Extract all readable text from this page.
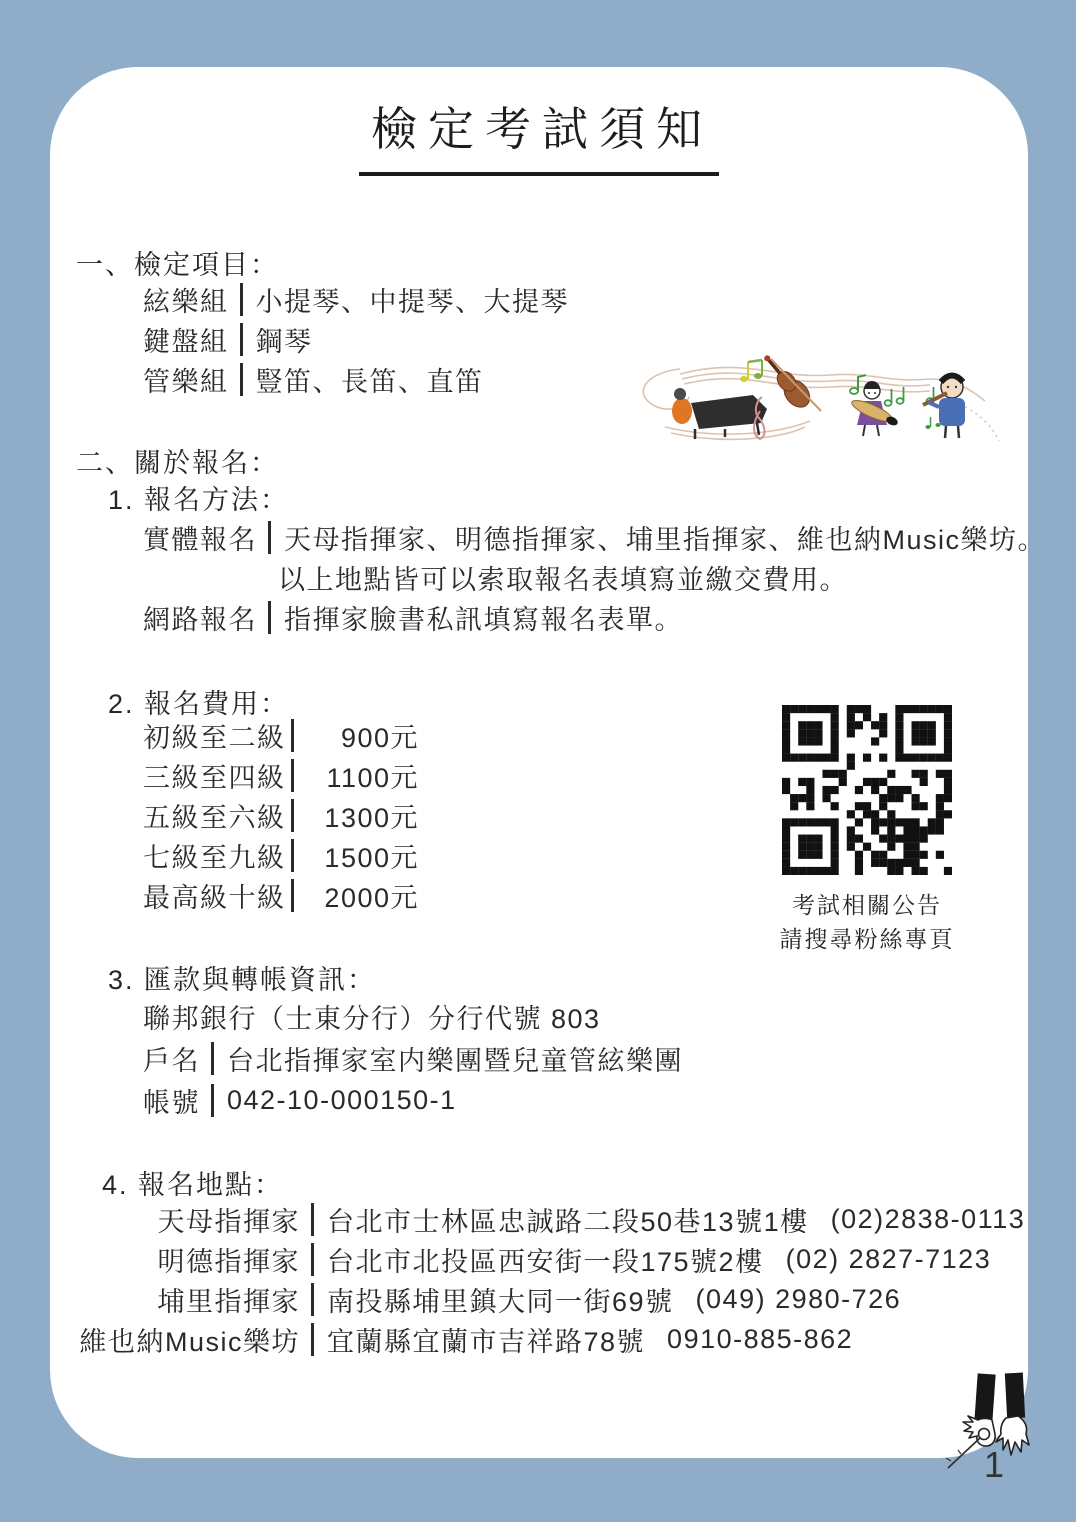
檢定考試須知
一、檢定項目：
絃樂組 小提琴、中提琴、大提琴
鍵盤組 鋼琴
管樂組 豎笛、長笛、直笛
二、關於報名：
1. 報名方法：
實體報名 天母指揮家、明德指揮家、埔里指揮家、維也納Music樂坊。
以上地點皆可以索取報名表填寫並繳交費用。
網路報名 指揮家臉書私訊填寫報名表單。
2. 報名費用：
初級至二級	900元
三級至四級	1100元
五級至六級	1300元
七級至九級	1500元
最高級十級	2000元	考試相關公告
請搜尋粉絲專頁
3. 匯款與轉帳資訊：
聯邦銀行（士東分行）分行代號 803
戶名 台北指揮家室内樂團暨兒童管絃樂團
帳號 042-10-000150-1
4. 報名地點：
天母指揮家 台北市士林區忠誠路二段50巷13號1樓 (02)2838-0113
明德指揮家 台北市北投區西安街一段175號2樓 (02) 2827-7123
埔里指揮家 南投縣埔里鎮大同一街69號 (049) 2980-726
維也納Music樂坊 宜蘭縣宜蘭市吉祥路78號 0910-885-862
1
